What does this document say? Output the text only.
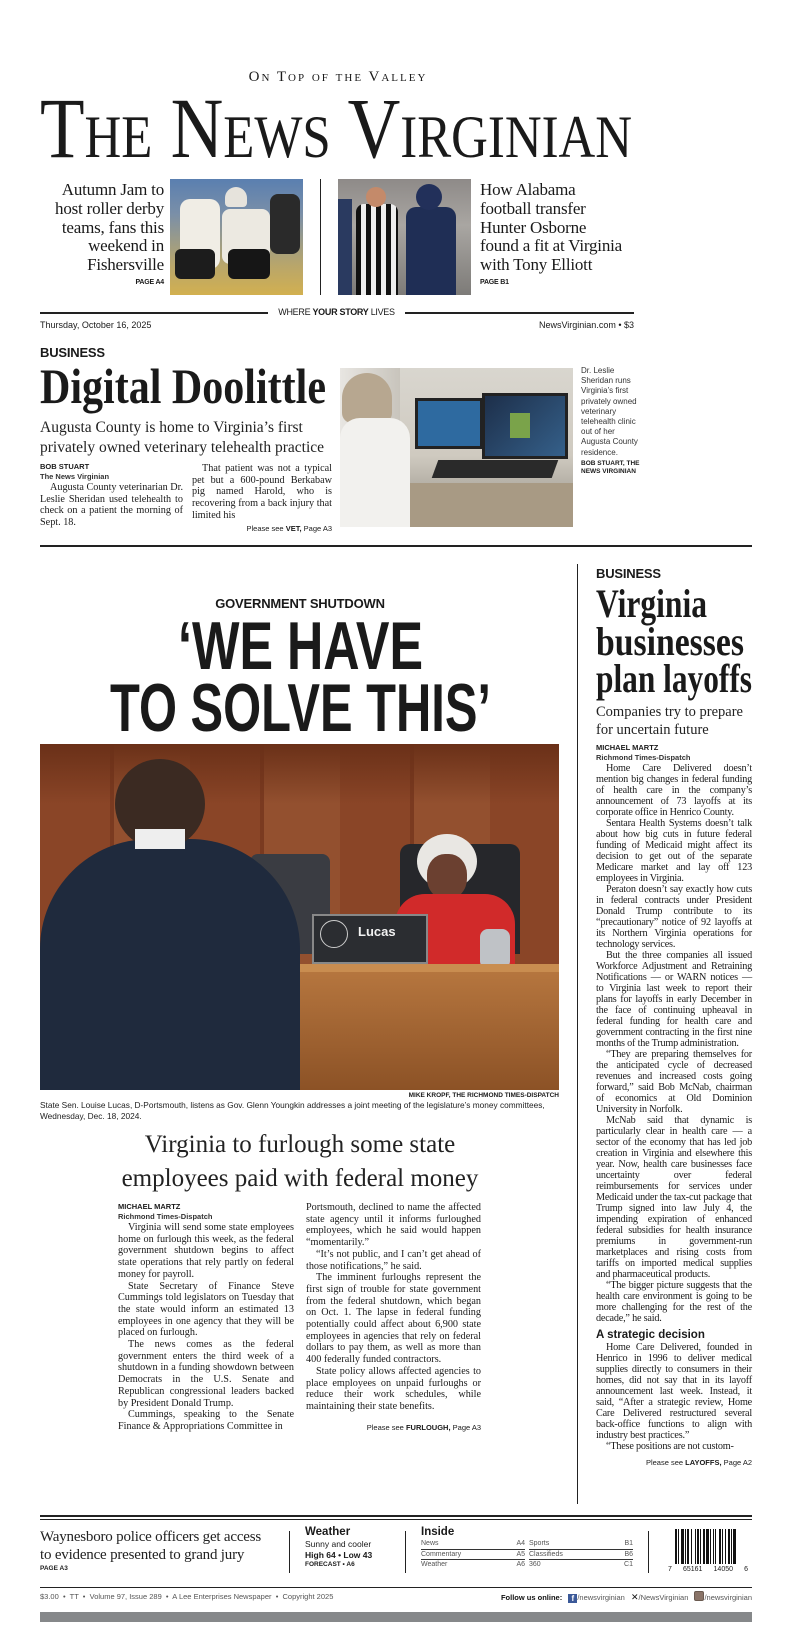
On Top of the Valley
The News Virginian
Autumn Jam to
host roller derby
teams, fans this
weekend in
Fishersville
PAGE A4
How Alabama
football transfer
Hunter Osborne
found a fit at Virginia
with Tony Elliott
PAGE B1
WHERE YOUR STORY LIVES
Thursday, October 16, 2025	NewsVirginian.com • $3
BUSINESS
Digital Doolittle
Augusta County is home to Virginia’s first
privately owned veterinary telehealth practice
BOB STUART
The News Virginian

Augusta County veterinarian Dr. Leslie Sheridan used telehealth to check on a patient the morning of Sept. 18.

That patient was not a typical pet but a 600-pound Berkabaw pig named Harold, who is recovering from a back injury that limited his

Please see VET, Page A3
Dr. Leslie Sheridan runs Virginia’s first privately owned veterinary telehealth clinic out of her Augusta County residence.
BOB STUART, THE NEWS VIRGINIAN
GOVERNMENT SHUTDOWN
‘WE HAVE
TO SOLVE THIS’
Lucas
MIKE KROPF, THE RICHMOND TIMES-DISPATCH
State Sen. Louise Lucas, D-Portsmouth, listens as Gov. Glenn Youngkin addresses a joint meeting of the legislature’s money committees, Wednesday, Dec. 18, 2024.
Virginia to furlough some state
employees paid with federal money
MICHAEL MARTZ
Richmond Times-Dispatch

Virginia will send some state employees home on furlough this week, as the federal government shutdown begins to affect state operations that rely partly on federal money for payroll.

State Secretary of Finance Steve Cummings told legislators on Tuesday that the state would inform an estimated 13 employees in one agency that they will be placed on furlough.

The news comes as the federal government enters the third week of a shutdown in a funding showdown between Democrats in the U.S. Senate and Republican congressional leaders backed by President Donald Trump.

Cummings, speaking to the Senate Finance & Appropriations Committee in

Portsmouth, declined to name the affected state agency until it informs furloughed employees, which he said would happen “momentarily.”

“It’s not public, and I can’t get ahead of those notifications,” he said.

The imminent furloughs represent the first sign of trouble for state government from the federal shutdown, which began on Oct. 1. The lapse in federal funding potentially could affect about 6,900 state employees in agencies that rely on federal dollars to pay them, as well as more than 400 federally funded contractors.

State policy allows affected agencies to place employees on unpaid furloughs or reduce their work schedules, while maintaining their state benefits.

Please see FURLOUGH, Page A3
BUSINESS
Virginia
businesses
plan layoffs
Companies try to prepare
for uncertain future
MICHAEL MARTZ
Richmond Times-Dispatch

Home Care Delivered doesn’t mention big changes in federal funding of health care in the company’s announcement of 73 layoffs at its corporate office in Henrico County.

Sentara Health Systems doesn’t talk about how big cuts in future federal funding of Medicaid might affect its decision to get out of the separate Medicare market and lay off 123 employees in Virginia.

Peraton doesn’t say exactly how cuts in federal contracts under President Donald Trump contribute to its “precautionary” notice of 92 layoffs at its Northern Virginia operations for technology services.

But the three companies all issued Workforce Adjustment and Retraining Notifications — or WARN notices — to Virginia last week to report their plans for layoffs in early December in the face of continuing upheaval in federal funding for health care and government contracting in the first nine months of the Trump administration.

“They are preparing themselves for the anticipated cycle of decreased revenues and increased costs going forward,” said Bob McNab, chairman of economics at Old Dominion University in Norfolk.

McNab said that dynamic is particularly clear in health care — a sector of the economy that has led job creation in Virginia and elsewhere this year. Now, health care businesses face uncertainty over federal reimbursements for services under Medicaid under the tax-cut package that Trump signed into law July 4, the impending expiration of enhanced federal subsidies for health insurance premiums in government-run marketplaces and rising costs from tariffs on imported medical supplies and pharmaceutical products.

“The bigger picture suggests that the health care environment is going to be more challenging for the rest of the decade,” he said.

A strategic decision

Home Care Delivered, founded in Henrico in 1996 to deliver medical supplies directly to consumers in their homes, did not say that in its layoff announcement last week. Instead, it said, “After a strategic review, Home Care Delivered restructured several back-office functions to align with industry best practices.”

“These positions are not custom-

Please see LAYOFFS, Page A2
Waynesboro police officers get access
to evidence presented to grand jury
PAGE A3
Weather
Sunny and cooler
High 64 • Low 43
FORECAST • A6
Inside
News	A4
Commentary	A5
Weather	A6
Sports	B1
Classifieds	B6
360	C1
7 65161 14050 6
$3.00  •  TT  •  Volume 97, Issue 289  •  A Lee Enterprises Newspaper  •  Copyright 2025	Follow us online: f /newsvirginian ✕/NewsVirginian /newsvirginian
